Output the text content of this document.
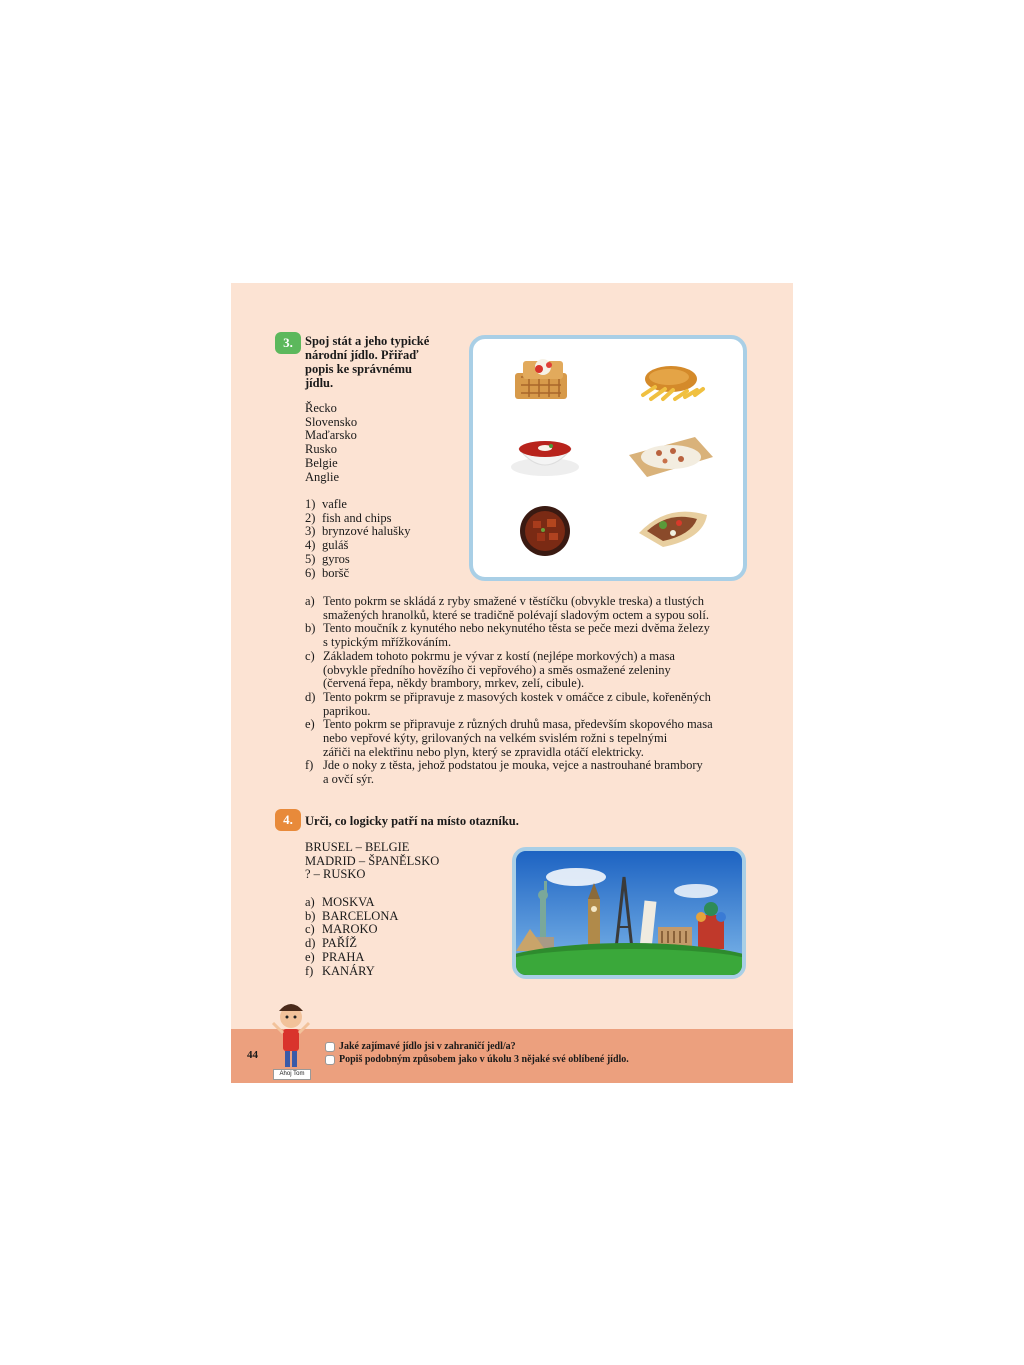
3. Spoj stát a jeho typické
národní jídlo. Přiřaď
popis ke správnému
jídlu.
Řecko
Slovensko
Maďarsko
Rusko
Belgie
Anglie
1) vafle
2) fish and chips
3) brynzové halušky
4) guláš
5) gyros
6) boršč
a) Tento pokrm se skládá z ryby smažené v těstíčku (obvykle treska) a tlustých
smažených hranolků, které se tradičně polévají sladovým octem a sypou solí.
b) Tento moučník z kynutého nebo nekynutého těsta se peče mezi dvěma železy
s typickým mřížkováním.
c) Základem tohoto pokrmu je vývar z kostí (nejlépe morkových) a masa
(obvykle předního hovězího či vepřového) a směs osmažené zeleniny
(červená řepa, někdy brambory, mrkev, zelí, cibule).
d) Tento pokrm se připravuje z masových kostek v omáčce z cibule, kořeněných
paprikou.
e) Tento pokrm se připravuje z různých druhů masa, především skopového masa
nebo vepřové kýty, grilovaných na velkém svislém rožni s tepelnými
zářiči na elektřinu nebo plyn, který se zpravidla otáčí elektricky.
f) Jde o noky z těsta, jehož podstatou je mouka, vejce a nastrouhané brambory
a ovčí sýr.
4. Urči, co logicky patří na místo otazníku.
BRUSEL – BELGIE
MADRID – ŠPANĚLSKO
? – RUSKO
a) MOSKVA
b) BARCELONA
c) MAROKO
d) PAŘÍŽ
e) PRAHA
f) KANÁRY
44
Jaké zajímavé jídlo jsi v zahraničí jedl/a?
Popiš podobným způsobem jako v úkolu 3 nějaké své oblíbené jídlo.
Ahoj Tom
